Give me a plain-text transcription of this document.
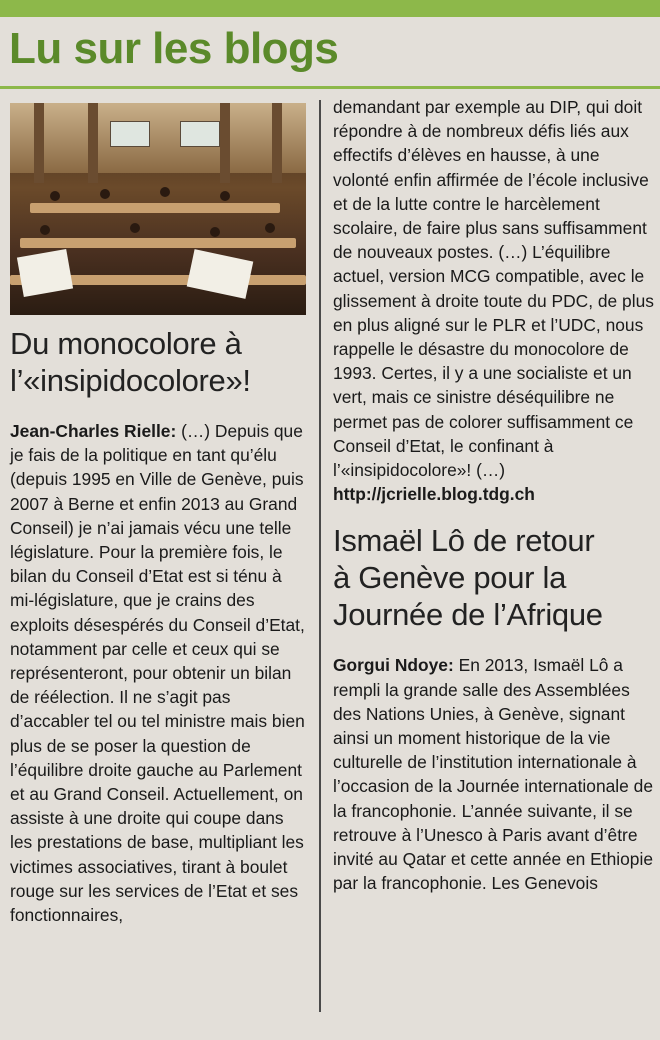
Lu sur les blogs
Du monocolore à
l’«insipidocolore»!

Jean-Charles Rielle: (…) Depuis que je fais de la politique en tant qu’élu (depuis 1995 en Ville de Genève, puis 2007 à Berne et enfin 2013 au Grand Conseil) je n’ai jamais vécu une telle législature. Pour la première fois, le bilan du Conseil d’Etat est si ténu à mi-législature, que je crains des exploits désespérés du Conseil d’Etat, notamment par celle et ceux qui se représenteront, pour obtenir un bilan de réélection. Il ne s’agit pas d’accabler tel ou tel ministre mais bien plus de se poser la question de l’équilibre droite gauche au Parlement et au Grand Conseil. Actuellement, on assiste à une droite qui coupe dans les prestations de base, multipliant les victimes associatives, tirant à boulet rouge sur les services de l’Etat et ses fonctionnaires,

demandant par exemple au DIP, qui doit répondre à de nombreux défis liés aux effectifs d’élèves en hausse, à une volonté enfin affirmée de l’école inclusive et de la lutte contre le harcèlement scolaire, de faire plus sans suffisamment de nouveaux postes. (…) L’équilibre actuel, version MCG compatible, avec le glissement à droite toute du PDC, de plus en plus aligné sur le PLR et l’UDC, nous rappelle le désastre du monocolore de 1993. Certes, il y a une socialiste et un vert, mais ce sinistre déséquilibre ne permet pas de colorer suffisamment ce Conseil d’Etat, le confinant à l’«insipidocolore»! (…)

http://jcrielle.blog.tdg.ch
Ismaël Lô de retour
à Genève pour la
Journée de l’Afrique

Gorgui Ndoye: En 2013, Ismaël Lô a rempli la grande salle des Assemblées des Nations Unies, à Genève, signant ainsi un moment historique de la vie culturelle de l’institution internationale à l’occasion de la Journée internationale de la francophonie. L’année suivante, il se retrouve à l’Unesco à Paris avant d’être invité au Qatar et cette année en Ethiopie par la francophonie. Les Genevois
